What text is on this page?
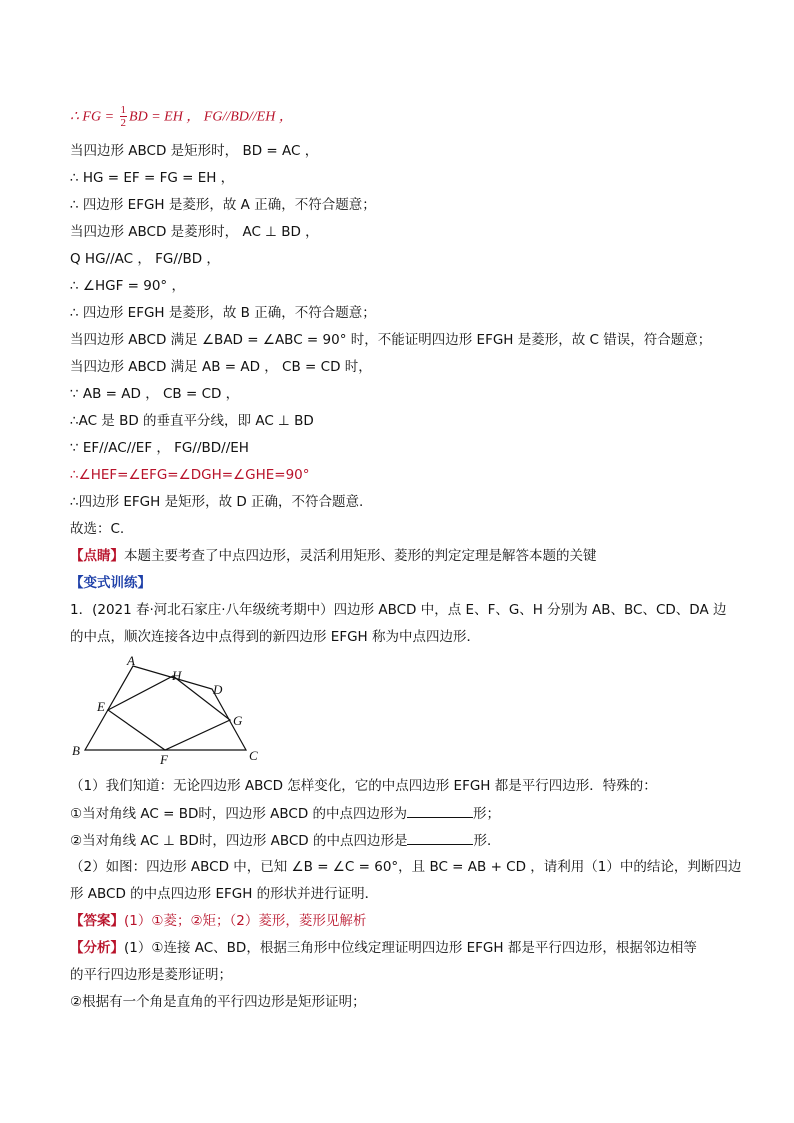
∴ FG = $\frac{1}{2}$ BD = EH ， FG//BD//EH ，

当四边形 ABCD 是矩形时， BD = AC ，

∴ HG = EF = FG = EH ，

∴ 四边形 EFGH 是菱形，故 A 正确，不符合题意；

当四边形 ABCD 是菱形时， AC ⊥ BD ，

Q HG//AC ， FG//BD ，

∴ ∠HGF = 90° ，

∴ 四边形 EFGH 是菱形，故 B 正确，不符合题意；

当四边形 ABCD 满足 ∠BAD = ∠ABC = 90° 时，不能证明四边形 EFGH 是菱形，故 C 错误，符合题意；

当四边形 ABCD 满足 AB = AD ， CB = CD 时，

∵ AB = AD ， CB = CD ，

∴AC 是 BD 的垂直平分线，即 AC ⊥ BD

∵ EF//AC//EF ， FG//BD//EH

∴∠HEF=∠EFG=∠DGH=∠GHE=90°

∴四边形 EFGH 是矩形，故 D 正确，不符合题意.

故选：C.

【点睛】本题主要考查了中点四边形，灵活利用矩形、菱形的判定定理是解答本题的关键

【变式训练】

1．(2021 春·河北石家庄·八年级统考期中）四边形 ABCD 中，点 E、F、G、H 分别为 AB、BC、CD、DA 边

的中点，顺次连接各边中点得到的新四边形 EFGH 称为中点四边形．

A
B	C
D
E
F
G
H

（1）我们知道：无论四边形 ABCD 怎样变化，它的中点四边形 EFGH 都是平行四边形．特殊的：

①当对角线 AC = BD时，四边形 ABCD 的中点四边形为	形；

②当对角线 AC ⊥ BD时，四边形 ABCD 的中点四边形是	形．

（2）如图：四边形 ABCD 中，已知 ∠B = ∠C = 60°，且 BC = AB + CD ，请利用（1）中的结论，判断四边

形 ABCD 的中点四边形 EFGH 的形状并进行证明．

【答案】(1）①菱；②矩；（2）菱形，菱形见解析

【分析】(1）①连接 AC、BD，根据三角形中位线定理证明四边形 EFGH 都是平行四边形，根据邻边相等

的平行四边形是菱形证明；

②根据有一个角是直角的平行四边形是矩形证明；
